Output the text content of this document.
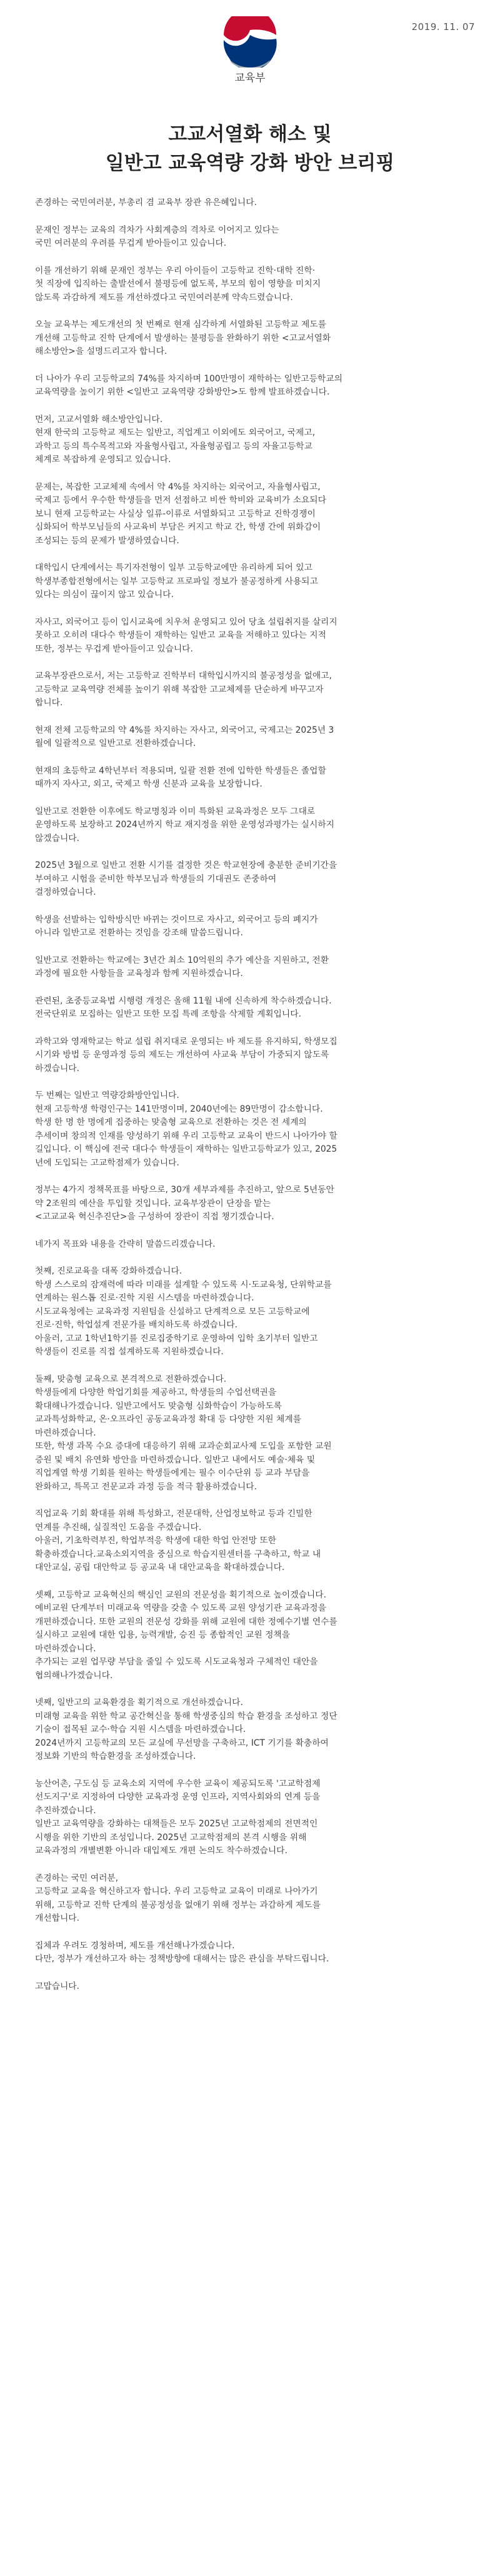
2019. 11. 07
교육부
고교서열화 해소 및
일반고 교육역량 강화 방안 브리핑
존경하는 국민여러분, 부총리 겸 교육부 장관 유은혜입니다.
문재인 정부는 교육의 격차가 사회계층의 격차로 이어지고 있다는
국민 여러분의 우려를 무겁게 받아들이고 있습니다.
이를 개선하기 위해 문재인 정부는 우리 아이들이 고등학교 진학·대학 진학·
첫 직장에 입직하는 출발선에서 불평등에 없도록, 부모의 힘이 영향을 미치지
않도록 과감하게 제도를 개선하겠다고 국민여러분께 약속드렸습니다.
오늘 교육부는 제도개선의 첫 번째로 현재 심각하게 서열화된 고등학교 제도를
개선해 고등학교 진학 단계에서 발생하는 불평등을 완화하기 위한 <고교서열화
해소방안>을 설명드리고자 합니다.
더 나아가 우리 고등학교의 74%를 차지하며 100만명이 재학하는 일반고등학교의
교육역량을 높이기 위한 <일반고 교육역량 강화방안>도 함께 발표하겠습니다.
먼저, 고교서열화 해소방안입니다.
현재 한국의 고등학교 제도는 일반고, 직업계고 이외에도 외국어고, 국제고,
과학고 등의 특수목적고와 자율형사립고, 자율형공립고 등의 자율고등학교
체계로 복잡하게 운영되고 있습니다.
문제는, 복잡한 고교체제 속에서 약 4%를 차지하는 외국어고, 자율형사립고,
국제고 등에서 우수한 학생들을 먼저 선점하고 비싼 학비와 교육비가 소요되다
보니 현재 고등학교는 사실상 일류-이류로 서열화되고 고등학교 진학경쟁이
심화되어 학부모님들의 사교육비 부담은 커지고 학교 간, 학생 간에 위화감이
조성되는 등의 문제가 발생하였습니다.
대학입시 단계에서는 특기자전형이 일부 고등학교에만 유리하게 되어 있고
학생부종합전형에서는 일부 고등학교 프로파일 정보가 불공정하게 사용되고
있다는 의심이 끊이지 않고 있습니다.
자사고, 외국어고 등이 입시교육에 치우쳐 운영되고 있어 당초 설립취지를 살리지
못하고 오히려 대다수 학생들이 재학하는 일반고 교육을 저해하고 있다는 지적
또한, 정부는 무겁게 받아들이고 있습니다.
교육부장관으로서, 저는 고등학교 진학부터 대학입시까지의 불공정성을 없애고,
고등학교 교육역량 전체를 높이기 위해 복잡한 고교체제를 단순하게 바꾸고자
합니다.
현재 전체 고등학교의 약 4%를 차지하는 자사고, 외국어고, 국제고는 2025년 3
월에 일괄적으로 일반고로 전환하겠습니다.
현재의 초등학교 4학년부터 적용되며, 일괄 전환 전에 입학한 학생들은 졸업할
때까지 자사고, 외고, 국제고 학생 신분과 교육을 보장합니다.
일반고로 전환한 이후에도 학교명칭과 이미 특화된 교육과정은 모두 그대로
운영하도록 보장하고 2024년까지 학교 재지정을 위한 운영성과평가는 실시하지
않겠습니다.
2025년 3월으로 일반고 전환 시기를 결정한 것은 학교현장에 충분한 준비기간을
부여하고 시험을 준비한 학부모님과 학생들의 기대권도 존중하여
결정하였습니다.
학생을 선발하는 입학방식만 바뀌는 것이므로 자사고, 외국어고 등의 폐지가
아니라 일반고로 전환하는 것임을 강조해 말씀드립니다.
일반고로 전환하는 학교에는 3년간 최소 10억원의 추가 예산을 지원하고, 전환
과정에 필요한 사항들을 교육청과 함께 지원하겠습니다.
관련된, 초중등교육법 시행령 개정은 올해 11월 내에 신속하게 착수하겠습니다.
전국단위로 모집하는 일반고 또한 모집 특례 조항을 삭제할 계획입니다.
과학고와 영재학교는 학교 설립 취지대로 운영되는 바 제도를 유지하되, 학생모집
시기와 방법 등 운영과정 등의 제도는 개선하여 사교육 부담이 가중되지 않도록
하겠습니다.
두 번째는 일반고 역량강화방안입니다.
현재 고등학생 학령인구는 141만명이며, 2040년에는 89만명이 감소합니다.
학생 한 명 한 명에게 집중하는 맞춤형 교육으로 전환하는 것은 전 세계의
추세이며 창의적 인재를 양성하기 위해 우리 고등학교 교육이 반드시 나아가야 할
길입니다. 이 핵심에 전국 대다수 학생들이 재학하는 일반고등학교가 있고, 2025
년에 도입되는 고교학점제가 있습니다.
정부는 4가지 정책목표를 바탕으로, 30개 세부과제를 추진하고, 앞으로 5년동안
약 2조원의 예산을 투입할 것입니다. 교육부장관이 단장을 맡는
<고교교육 혁신추진단>을 구성하여 장관이 직접 챙기겠습니다.
네가지 목표와 내용을 간략히 말씀드리겠습니다.
첫째, 진로교육을 대폭 강화하겠습니다.
학생 스스로의 잠재력에 따라 미래를 설계할 수 있도록 시·도교육청, 단위학교를
연계하는 원스톱 진로·진학 지원 시스템을 마련하겠습니다.
시도교육청에는 교육과정 지원팀을 신설하고 단계적으로 모든 고등학교에
진로·진학, 학업설계 전문가를 배치하도록 하겠습니다.
아울러, 고교 1학년1학기를 진로집중학기로 운영하여 입학 초기부터 일반고
학생들이 진로를 직접 설계하도록 지원하겠습니다.
둘째, 맞춤형 교육으로 본격적으로 전환하겠습니다.
학생들에게 다양한 학업기회를 제공하고, 학생들의 수업선택권을
확대해나가겠습니다. 일반고에서도 맞춤형 심화학습이 가능하도록
교과특성화학교, 온·오프라인 공동교육과정 확대 등 다양한 지원 체계를
마련하겠습니다.
또한, 학생 과목 수요 증대에 대응하기 위해 교과순회교사제 도입을 포함한 교원
증원 및 배치 유연화 방안을 마련하겠습니다. 일반고 내에서도 예술·체육 및
직업계열 학생 기회를 원하는 학생들에게는 필수 이수단위 등 교과 부담을
완화하고, 특목고 전문교과 과정 등을 적극 활용하겠습니다.
직업교육 기회 확대를 위해 특성화고, 전문대학, 산업정보학교 등과 긴밀한
연계를 추진해, 실질적인 도움을 주겠습니다.
아울러, 기초학력부진, 학업부적응 학생에 대한 학업 안전망 또한
확충하겠습니다.교육소외지역을 중심으로 학습지원센터를 구축하고, 학교 내
대안교실, 공립 대안학교 등 공교육 내 대안교육을 확대하겠습니다.
셋째, 고등학교 교육혁신의 핵심인 교원의 전문성을 획기적으로 높이겠습니다.
예비교원 단계부터 미래교육 역량을 갖출 수 있도록 교원 양성기관 교육과정을
개편하겠습니다. 또한 교원의 전문성 강화를 위해 교원에 대한 정예수기별 연수를
실시하고 교원에 대한 입용, 능력개발, 승진 등 종합적인 교원 정책을
마련하겠습니다.
추가되는 교원 업무량 부담을 줄일 수 있도록 시도교육청과 구체적인 대안을
협의해나가겠습니다.
넷째, 일반고의 교육환경을 획기적으로 개선하겠습니다.
미래형 교육을 위한 학교 공간혁신을 통해 학생중심의 학습 환경을 조성하고 정단
기술이 접목된 교수·학습 지원 시스템을 마련하겠습니다.
2024년까지 고등학교의 모든 교실에 무선망을 구축하고, ICT 기기를 확충하여
정보화 기반의 학습환경을 조성하겠습니다.
농산어촌, 구도심 등 교육소외 지역에 우수한 교육이 제공되도록 '고교학점제
선도지구'로 지정하여 다양한 교육과정 운영 인프라, 지역사회와의 연계 등을
추진하겠습니다.
일반고 교육역량을 강화하는 대책들은 모두 2025년 고교학점제의 전면적인
시행을 위한 기반의 조성입니다. 2025년 고교학점제의 본격 시행을 위해
교육과정의 개별변환 아니라 대입제도 개편 논의도 착수하겠습니다.
존경하는 국민 여러분,
고등학교 교육을 혁신하고자 합니다. 우리 고등학교 교육이 미래로 나아가기
위해, 고등학교 진학 단계의 불공정성을 없애기 위해 정부는 과감하게 제도를
개선합니다.
집체과 우려도 경청하며, 제도를 개선해나가겠습니다.
다만, 정부가 개선하고자 하는 정책방향에 대해서는 많은 관심을 부탁드립니다.
고맙습니다.
